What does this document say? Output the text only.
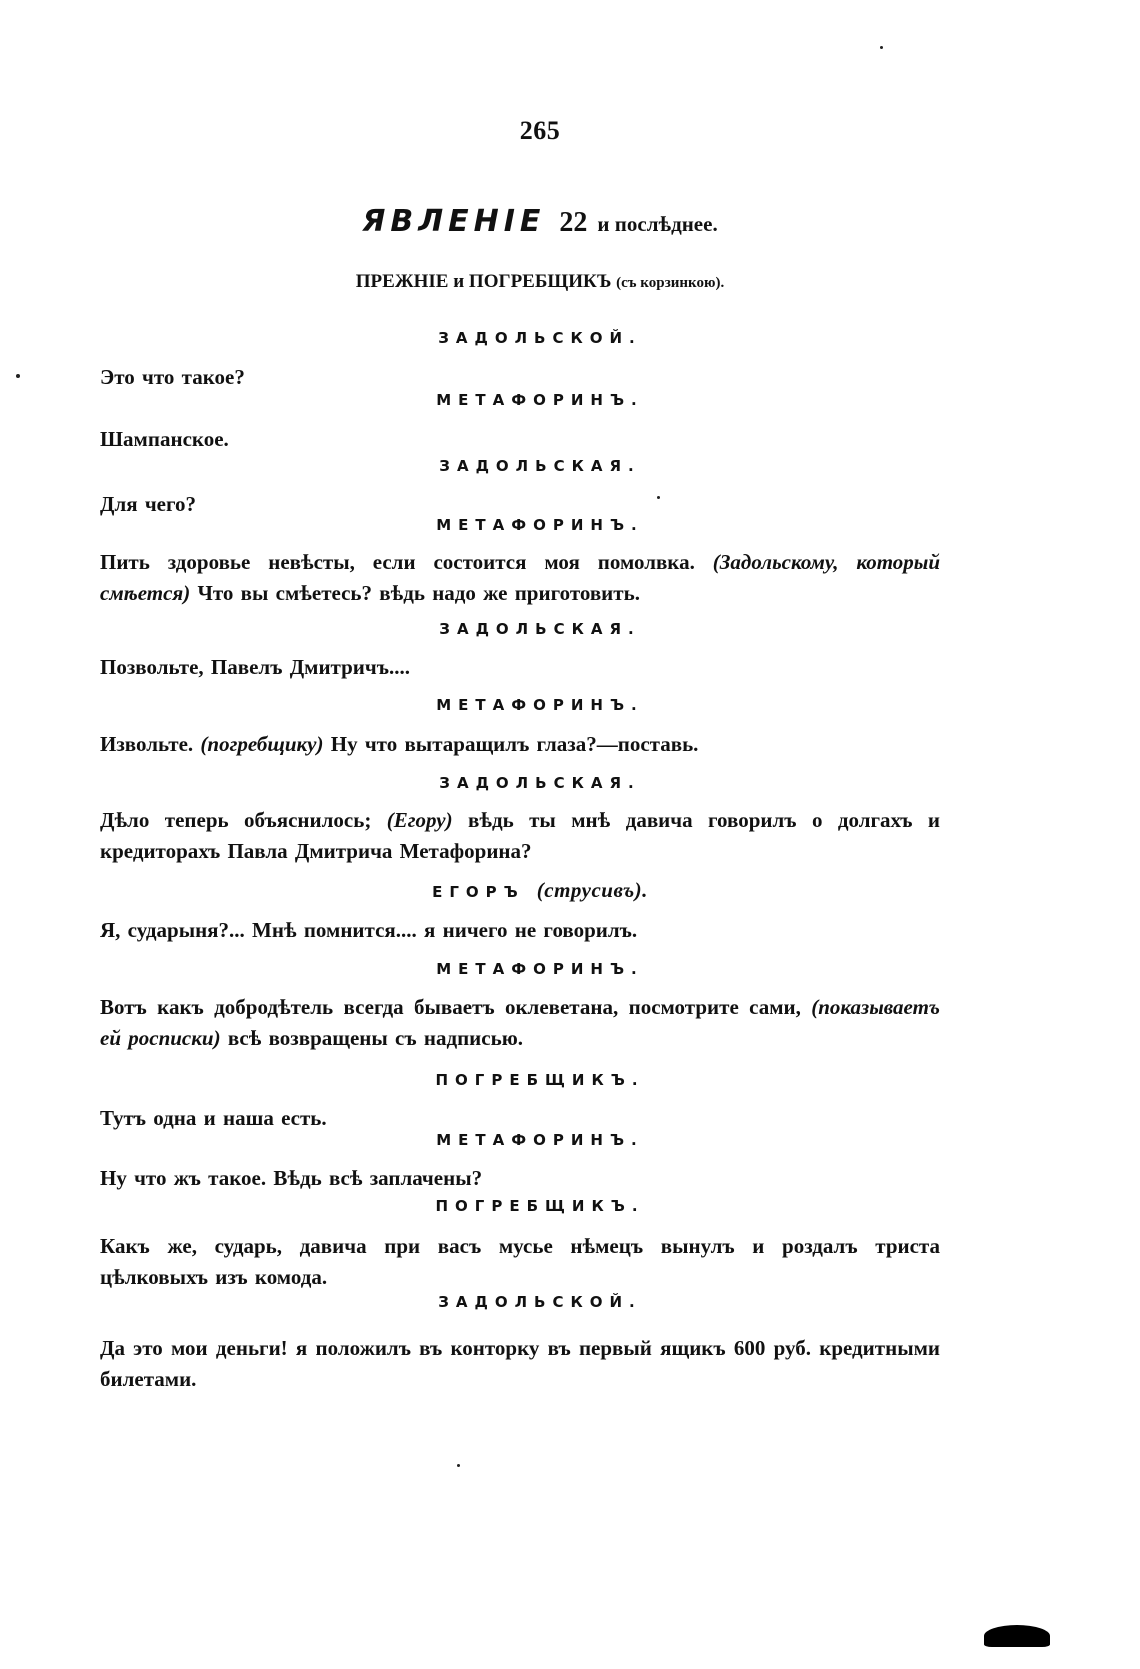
265
ЯВЛЕНІЕ 22 и послѣднее.
ПРЕЖНІЕ и ПОГРЕБЩИКЪ (съ корзинкою).
ЗАДОЛЬСКОЙ.
Это что такое?
МЕТАФОРИНЪ.
Шампанское.
ЗАДОЛЬСКАЯ.
Для чего?
МЕТАФОРИНЪ.
Пить здоровье невѣсты, если состоится моя помолвка. (Задольскому, который смѣется) Что вы смѣетесь? вѣдь надо же приготовить.
ЗАДОЛЬСКАЯ.
Позвольте, Павелъ Дмитричъ....
МЕТАФОРИНЪ.
Извольте. (погребщику) Ну что вытаращилъ глаза?—поставь.
ЗАДОЛЬСКАЯ.
Дѣло теперь объяснилось; (Егору) вѣдь ты мнѣ давича говорилъ о долгахъ и кредиторахъ Павла Дмитрича Метафорина?
ЕГОРЪ (струсивъ).
Я, сударыня?... Мнѣ помнится.... я ничего не говорилъ.
МЕТАФОРИНЪ.
Вотъ какъ добродѣтель всегда бываетъ оклеветана, посмотрите сами, (показываетъ ей росписки) всѣ возвращены съ надписью.
ПОГРЕБЩИКЪ.
Тутъ одна и наша есть.
МЕТАФОРИНЪ.
Ну что жъ такое. Вѣдь всѣ заплачены?
ПОГРЕБЩИКЪ.
Какъ же, сударь, давича при васъ мусье нѣмецъ вынулъ и роздалъ триста цѣлковыхъ изъ комода.
ЗАДОЛЬСКОЙ.
Да это мои деньги! я положилъ въ конторку въ первый ящикъ 600 руб. кредитными билетами.
